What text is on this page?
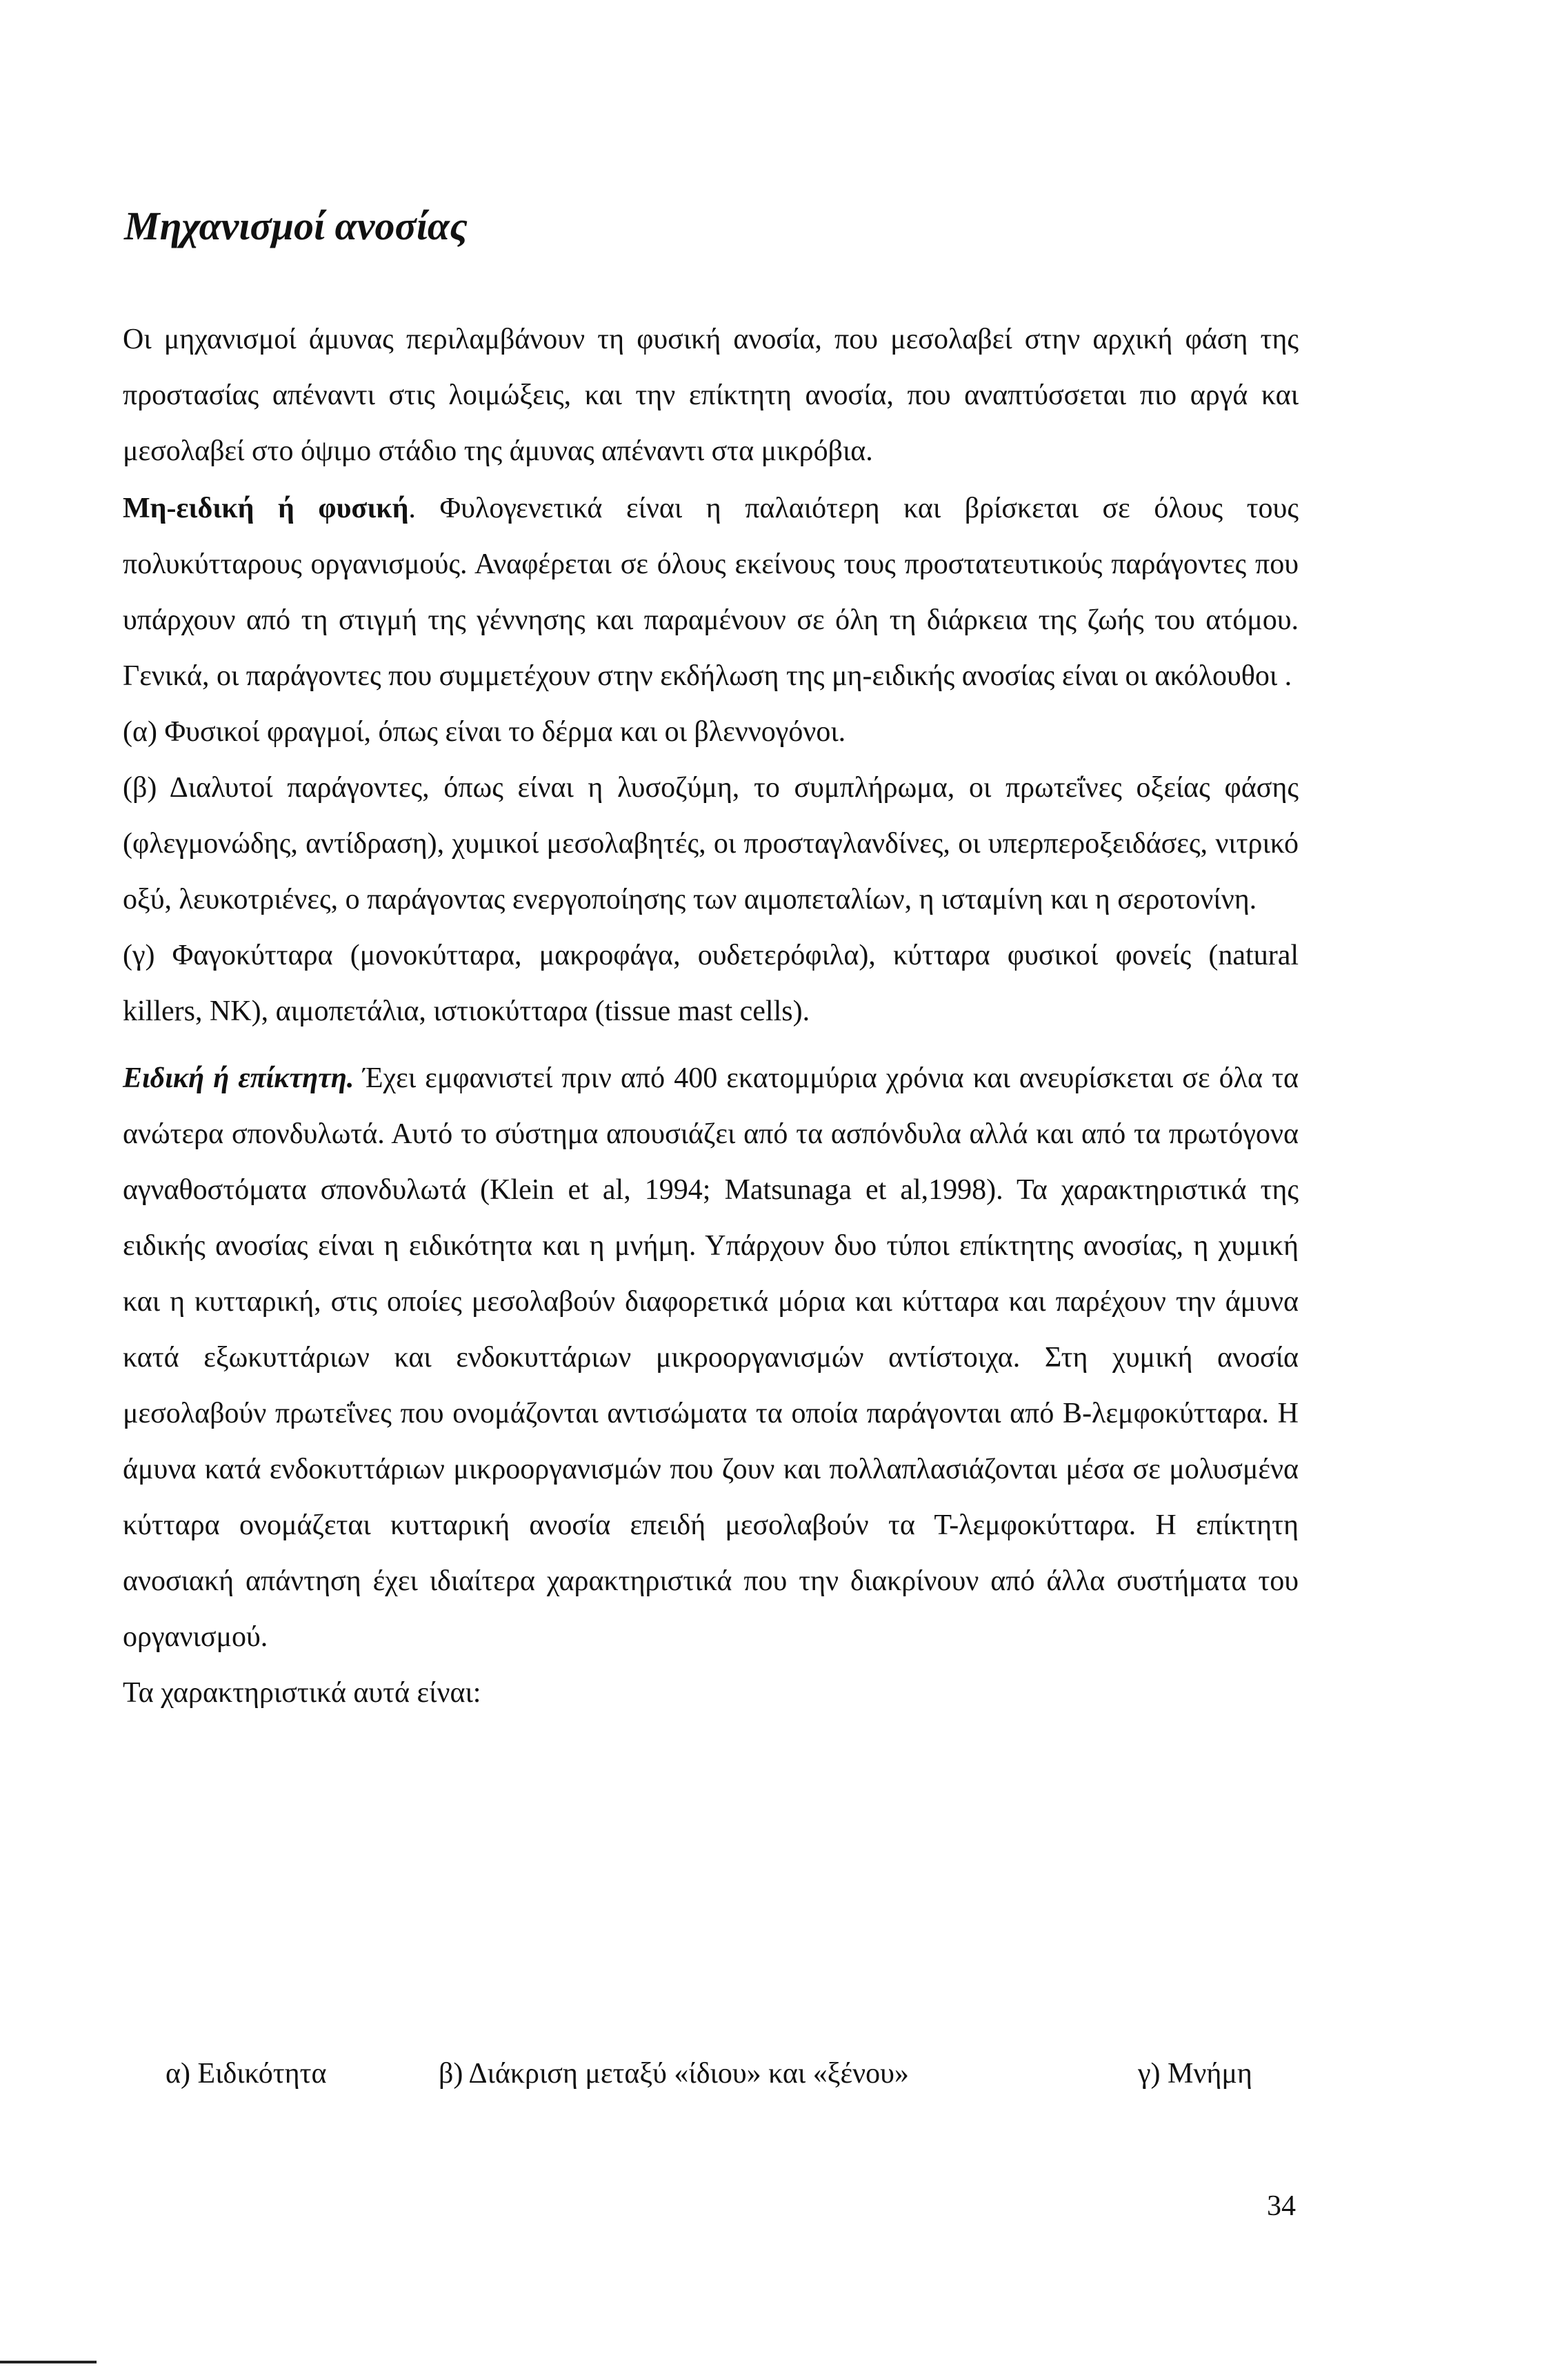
Μηχανισμοί ανοσίας

Οι μηχανισμοί άμυνας περιλαμβάνουν τη φυσική ανοσία, που μεσολαβεί στην αρχική φάση της προστασίας απέναντι στις λοιμώξεις, και την επίκτητη ανοσία, που αναπτύσσεται πιο αργά και μεσολαβεί στο όψιμο στάδιο της άμυνας απέναντι στα μικρόβια.

Μη-ειδική ή φυσική. Φυλογενετικά είναι η παλαιότερη και βρίσκεται σε όλους τους πολυκύτταρους οργανισμούς. Αναφέρεται σε όλους εκείνους τους προστατευτικούς παράγοντες που υπάρχουν από τη στιγμή της γέννησης και παραμένουν σε όλη τη διάρκεια της ζωής του ατόμου. Γενικά, οι παράγοντες που συμμετέχουν στην εκδήλωση της μη-ειδικής ανοσίας είναι οι ακόλουθοι .

(α) Φυσικοί φραγμοί, όπως είναι το δέρμα και οι βλεννογόνοι.

(β) Διαλυτοί παράγοντες, όπως είναι η λυσοζύμη, το συμπλήρωμα, οι πρωτεΐνες οξείας φάσης (φλεγμονώδης, αντίδραση), χυμικοί μεσολαβητές, οι προσταγλανδίνες, οι υπερπεροξειδάσες, νιτρικό οξύ, λευκοτριένες, ο παράγοντας ενεργοποίησης των αιμοπεταλίων, η ισταμίνη και η σεροτονίνη.

(γ) Φαγοκύτταρα (μονοκύτταρα, μακροφάγα, ουδετερόφιλα), κύτταρα φυσικοί φονείς (natural killers, NK), αιμοπετάλια, ιστιοκύτταρα (tissue mast cells).

Ειδική ή επίκτητη. Έχει εμφανιστεί πριν από 400 εκατομμύρια χρόνια και ανευρίσκεται σε όλα τα ανώτερα σπονδυλωτά. Αυτό το σύστημα απουσιάζει από τα ασπόνδυλα αλλά και από τα πρωτόγονα αγναθοστόματα σπονδυλωτά (Klein et al, 1994; Matsunaga et al,1998). Τα χαρακτηριστικά της ειδικής ανοσίας είναι η ειδικότητα και η μνήμη. Υπάρχουν δυο τύποι επίκτητης ανοσίας, η χυμική και η κυτταρική, στις οποίες μεσολαβούν διαφορετικά μόρια και κύτταρα και παρέχουν την άμυνα κατά εξωκυττάριων και ενδοκυττάριων μικροοργανισμών αντίστοιχα. Στη χυμική ανοσία μεσολαβούν πρωτεΐνες που ονομάζονται αντισώματα τα οποία παράγονται από Β-λεμφοκύτταρα. Η άμυνα κατά ενδοκυττάριων μικροοργανισμών που ζουν και πολλαπλασιάζονται μέσα σε μολυσμένα κύτταρα ονομάζεται κυτταρική ανοσία επειδή μεσολαβούν τα Τ-λεμφοκύτταρα. Η επίκτητη ανοσιακή απάντηση έχει ιδιαίτερα χαρακτηριστικά που την διακρίνουν από άλλα συστήματα του οργανισμού.

Τα χαρακτηριστικά αυτά είναι:

α) Ειδικότητα	β) Διάκριση μεταξύ «ίδιου» και «ξένου»	γ) Μνήμη
34
